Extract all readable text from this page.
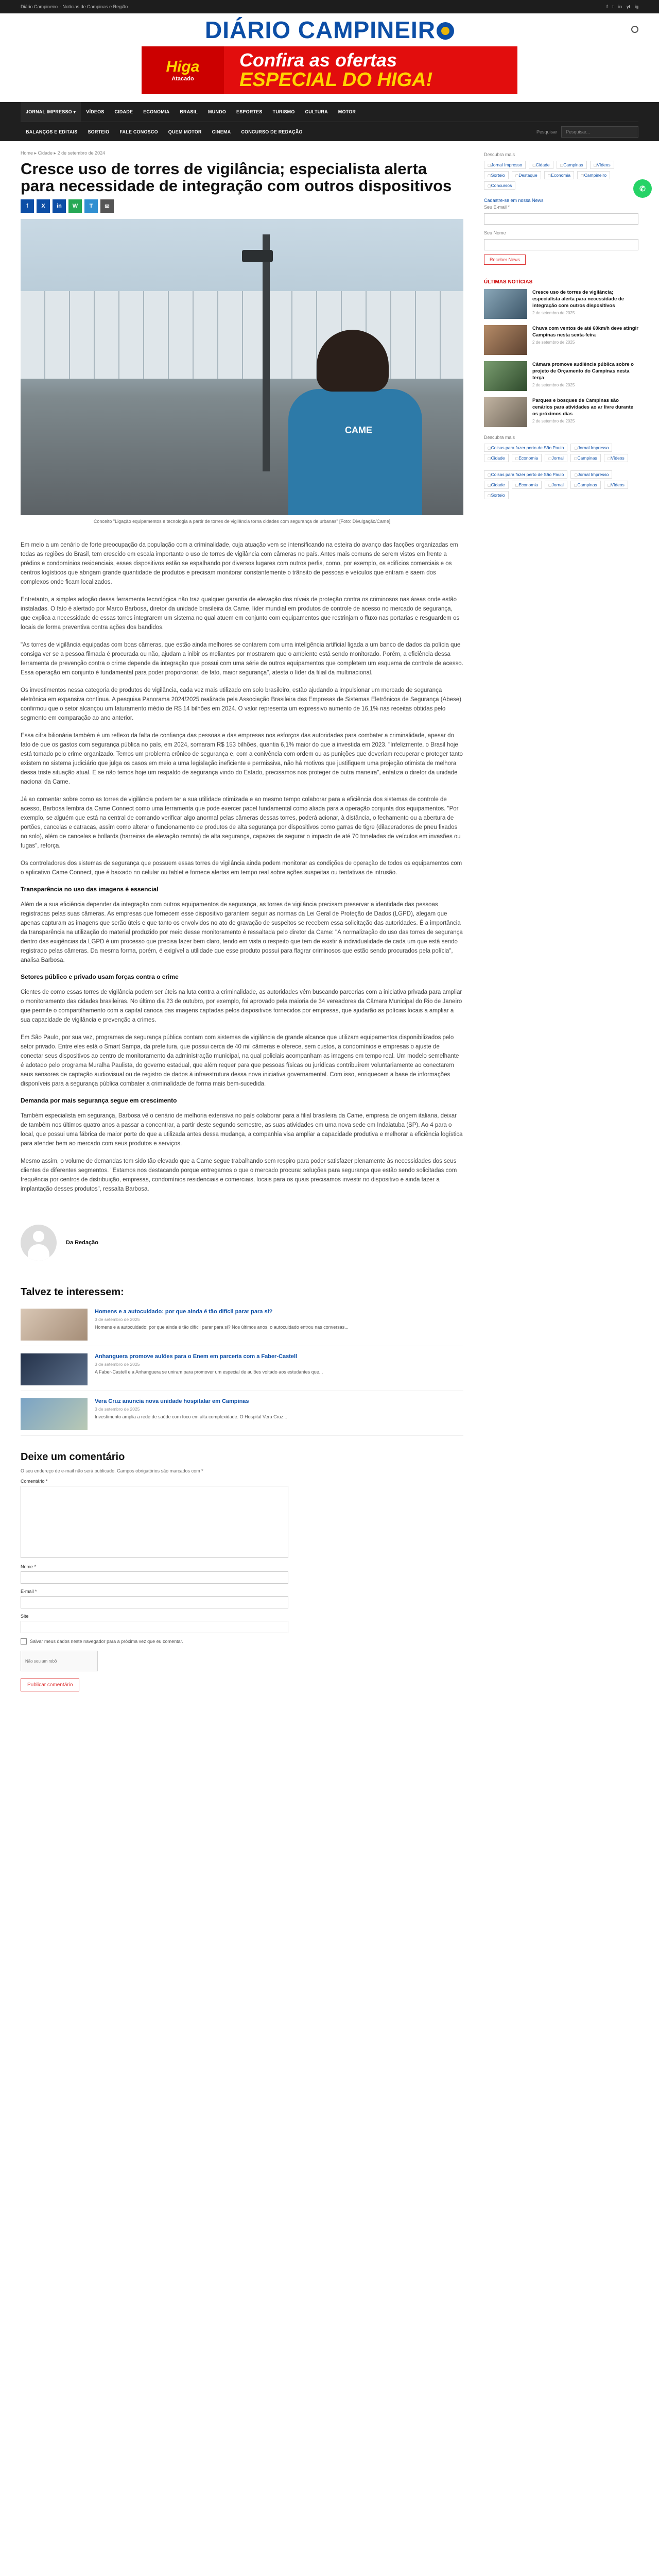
Diário Campineiro · Notícias de Campinas e Região	f t in yt ig
DIÁRIO CAMPINEIR
Higa
Atacado
Confira as ofertas
ESPECIAL DO HIGA!
JORNAL IMPRESSO ▾	VÍDEOS	CIDADE	ECONOMIA	BRASIL	MUNDO	ESPORTES	TURISMO	CULTURA	MOTOR
BALANÇOS E EDITAIS	SORTEIO	FALE CONOSCO	QUEM MOTOR	CINEMA	CONCURSO DE REDAÇÃO	Pesquisar	Pesquisar...
Home ▸ Cidade ▸ 2 de setembro de 2024
Cresce uso de torres de vigilância; especialista alerta para necessidade de integração com outros dispositivos
f	X	in	W	T	✉
CAME
Conceito "Ligação equipamentos e tecnologia a partir de torres de vigilância torna cidades com segurança de urbanas" [Foto: Divulgação/Came]

Em meio a um cenário de forte preocupação da população com a criminalidade, cuja atuação vem se intensificando na esteira do avanço das facções organizadas em todas as regiões do Brasil, tem crescido em escala importante o uso de torres de vigilância com câmeras no país. Antes mais comuns de serem vistos em frente a prédios e condomínios residenciais, esses dispositivos estão se espalhando por diversos lugares com outros perfis, como, por exemplo, os edifícios comerciais e os centros logísticos que abrigam grande quantidade de produtos e precisam monitorar constantemente o trânsito de pessoas e veículos que entram e saem dos complexos onde ficam localizados.

Entretanto, a simples adoção dessa ferramenta tecnológica não traz qualquer garantia de elevação dos níveis de proteção contra os criminosos nas áreas onde estão instaladas. O fato é alertado por Marco Barbosa, diretor da unidade brasileira da Came, líder mundial em produtos de controle de acesso no mercado de segurança, que explica a necessidade de essas torres integrarem um sistema no qual atuem em conjunto com equipamentos que restrinjam o fluxo nas portarias e resguardem os locais de forma preventiva contra ações dos bandidos.

"As torres de vigilância equipadas com boas câmeras, que estão ainda melhores se contarem com uma inteligência artificial ligada a um banco de dados da polícia que consiga ver se a pessoa filmada é procurada ou não, ajudam a inibir os meliantes por mostrarem que o ambiente está sendo monitorado. Porém, a eficiência dessa ferramenta de prevenção contra o crime depende da integração que possui com uma série de outros equipamentos que completem um esquema de controle de acesso. Essa operação em conjunto é fundamental para poder proporcionar, de fato, maior segurança", atesta o líder da filial da multinacional.

Os investimentos nessa categoria de produtos de vigilância, cada vez mais utilizado em solo brasileiro, estão ajudando a impulsionar um mercado de segurança eletrônica em expansiva contínua. A pesquisa Panorama 2024/2025 realizada pela Associação Brasileira das Empresas de Sistemas Eletrônicos de Segurança (Abese) confirmou que o setor alcançou um faturamento médio de R$ 14 bilhões em 2024. O valor representa um expressivo aumento de 16,1% nas receitas obtidas pelo segmento em comparação ao ano anterior.

Essa cifra bilionária também é um reflexo da falta de confiança das pessoas e das empresas nos esforços das autoridades para combater a criminalidade, apesar do fato de que os gastos com segurança pública no país, em 2024, somaram R$ 153 bilhões, quantia 6,1% maior do que a investida em 2023. "Infelizmente, o Brasil hoje está tomado pelo crime organizado. Temos um problema crônico de segurança e, com a conivência com ordem ou as punições que deveriam recuperar e proteger tanto existem no sistema judiciário que julga os casos em meio a uma legislação ineficiente e permissiva, não há motivos que justifiquem uma projeção otimista de melhora dessa triste situação atual. E se não temos hoje um respaldo de segurança vindo do Estado, precisamos nos proteger de outra maneira", enfatiza o diretor da unidade nacional da Came.

Já ao comentar sobre como as torres de vigilância podem ter a sua utilidade otimizada e ao mesmo tempo colaborar para a eficiência dos sistemas de controle de acesso, Barbosa lembra da Came Connect como uma ferramenta que pode exercer papel fundamental como aliada para a operação conjunta dos equipamentos. "Por exemplo, se alguém que está na central de comando verificar algo anormal pelas câmeras dessas torres, poderá acionar, à distância, o fechamento ou a abertura de portões, cancelas e catracas, assim como alterar o funcionamento de produtos de alta segurança por dispositivos como garras de tigre (dilaceradores de pneu fixados no solo), além de cancelas e bollards (barreiras de elevação remota) de alta segurança, capazes de segurar o impacto de até 70 toneladas de veículos em invasões ou fugas", reforça.

Os controladores dos sistemas de segurança que possuem essas torres de vigilância ainda podem monitorar as condições de operação de todos os equipamentos com o aplicativo Came Connect, que é baixado no celular ou tablet e fornece alertas em tempo real sobre ações suspeitas ou tentativas de intrusão.

Transparência no uso das imagens é essencial

Além de a sua eficiência depender da integração com outros equipamentos de segurança, as torres de vigilância precisam preservar a identidade das pessoas registradas pelas suas câmeras. As empresas que fornecem esse dispositivo garantem seguir as normas da Lei Geral de Proteção de Dados (LGPD), alegam que apenas capturam as imagens que serão úteis e que tanto os envolvidos no ato de gravação de suspeitos se recebem essa solicitação das autoridades. É a importância da transparência na utilização do material produzido por meio desse monitoramento é ressaltada pelo diretor da Came: "A normalização do uso das torres de segurança dentro das exigências da LGPD é um processo que precisa fazer bem claro, tendo em vista o respeito que tem de existir à individualidade de cada um que está sendo registrado pelas câmeras. Da mesma forma, porém, é exigível a utilidade que esse produto possui para flagrar criminosos que estão sendo procurados pela polícia", analisa Barbosa.

Setores público e privado usam forças contra o crime

Cientes de como essas torres de vigilância podem ser úteis na luta contra a criminalidade, as autoridades vêm buscando parcerias com a iniciativa privada para ampliar o monitoramento das cidades brasileiras. No último dia 23 de outubro, por exemplo, foi aprovado pela maioria de 34 vereadores da Câmara Municipal do Rio de Janeiro que permite o compartilhamento com a capital carioca das imagens captadas pelos dispositivos fornecidos por empresas, que ajudarão as polícias locais a ampliar a sua capacidade de vigilância e prevenção a crimes.

Em São Paulo, por sua vez, programas de segurança pública contam com sistemas de vigilância de grande alcance que utilizam equipamentos disponibilizados pelo setor privado. Entre eles está o Smart Sampa, da prefeitura, que possui cerca de 40 mil câmeras e oferece, sem custos, a condomínios e empresas o ajuste de conectar seus dispositivos ao centro de monitoramento da administração municipal, na qual policiais acompanham as imagens em tempo real. Um modelo semelhante é adotado pelo programa Muralha Paulista, do governo estadual, que além requer para que pessoas físicas ou jurídicas contribuírem voluntariamente ao conectarem seus sensores de captação audiovisual ou de registro de dados à infraestrutura dessa nova iniciativa governamental. Com isso, enriquecem a base de informações disponíveis para a segurança pública combater a criminalidade de forma mais bem-sucedida.

Demanda por mais segurança segue em crescimento

Também especialista em segurança, Barbosa vê o cenário de melhoria extensiva no país colaborar para a filial brasileira da Came, empresa de origem italiana, deixar de também nos últimos quatro anos a passar a concentrar, a partir deste segundo semestre, as suas atividades em uma nova sede em Indaiatuba (SP). Ao 4 para o local, que possui uma fábrica de maior porte do que a utilizada antes dessa mudança, a companhia visa ampliar a capacidade produtiva e melhorar a eficiência logística para atender bem ao mercado com seus produtos e serviços.

Mesmo assim, o volume de demandas tem sido tão elevado que a Came segue trabalhando sem respiro para poder satisfazer plenamente às necessidades dos seus clientes de diferentes segmentos. "Estamos nos destacando porque entregamos o que o mercado procura: soluções para segurança que estão sendo solicitadas com frequência por centros de distribuição, empresas, condomínios residenciais e comerciais, locais para os quais precisamos investir no dispositivo e ainda fazer a implantação desses produtos", ressalta Barbosa.

Da Redação
Talvez te interessem:
Homens e a autocuidado: por que ainda é tão difícil parar para si?
3 de setembro de 2025
Homens e a autocuidado: por que ainda é tão difícil parar para si? Nos últimos anos, o autocuidado entrou nas conversas...
Anhanguera promove aulões para o Enem em parceria com a Faber-Castell
3 de setembro de 2025
A Faber-Castell e a Anhanguera se uniram para promover um especial de aulões voltado aos estudantes que...
Vera Cruz anuncia nova unidade hospitalar em Campinas
3 de setembro de 2025
Investimento amplia a rede de saúde com foco em alta complexidade. O Hospital Vera Cruz...
Deixe um comentário
O seu endereço de e-mail não será publicado. Campos obrigatórios são marcados com *
Comentário *
Nome *
E-mail *
Site
Salvar meus dados neste navegador para a próxima vez que eu comentar.
Não sou um robô
Publicar comentário
Descubra mais
▢ Jornal Impresso	▢ Cidade	▢ Campinas	▢ Vídeos
▢ Sorteio	▢ Destaque	▢ Economia	▢ Campineiro
▢ Concursos
Cadastre-se em nossa News
Seu E-mail *
Seu Nome
Receber News
ÚLTIMAS NOTÍCIAS
Cresce uso de torres de vigilância; especialista alerta para necessidade de integração com outros dispositivos
2 de setembro de 2025
Chuva com ventos de até 60km/h deve atingir Campinas nesta sexta-feira
2 de setembro de 2025
Câmara promove audiência pública sobre o projeto de Orçamento do Campinas nesta terça
2 de setembro de 2025
Parques e bosques de Campinas são cenários para atividades ao ar livre durante os próximos dias
2 de setembro de 2025
Descubra mais
▢ Coisas para fazer perto de São Paulo	▢ Jornal Impresso
▢ Cidade	▢ Economia	▢ Jornal	▢ Campinas	▢ Vídeos
▢ Coisas para fazer perto de São Paulo	▢ Jornal Impresso
▢ Cidade	▢ Economia	▢ Jornal	▢ Campinas	▢ Vídeos
▢ Sorteio
✆
